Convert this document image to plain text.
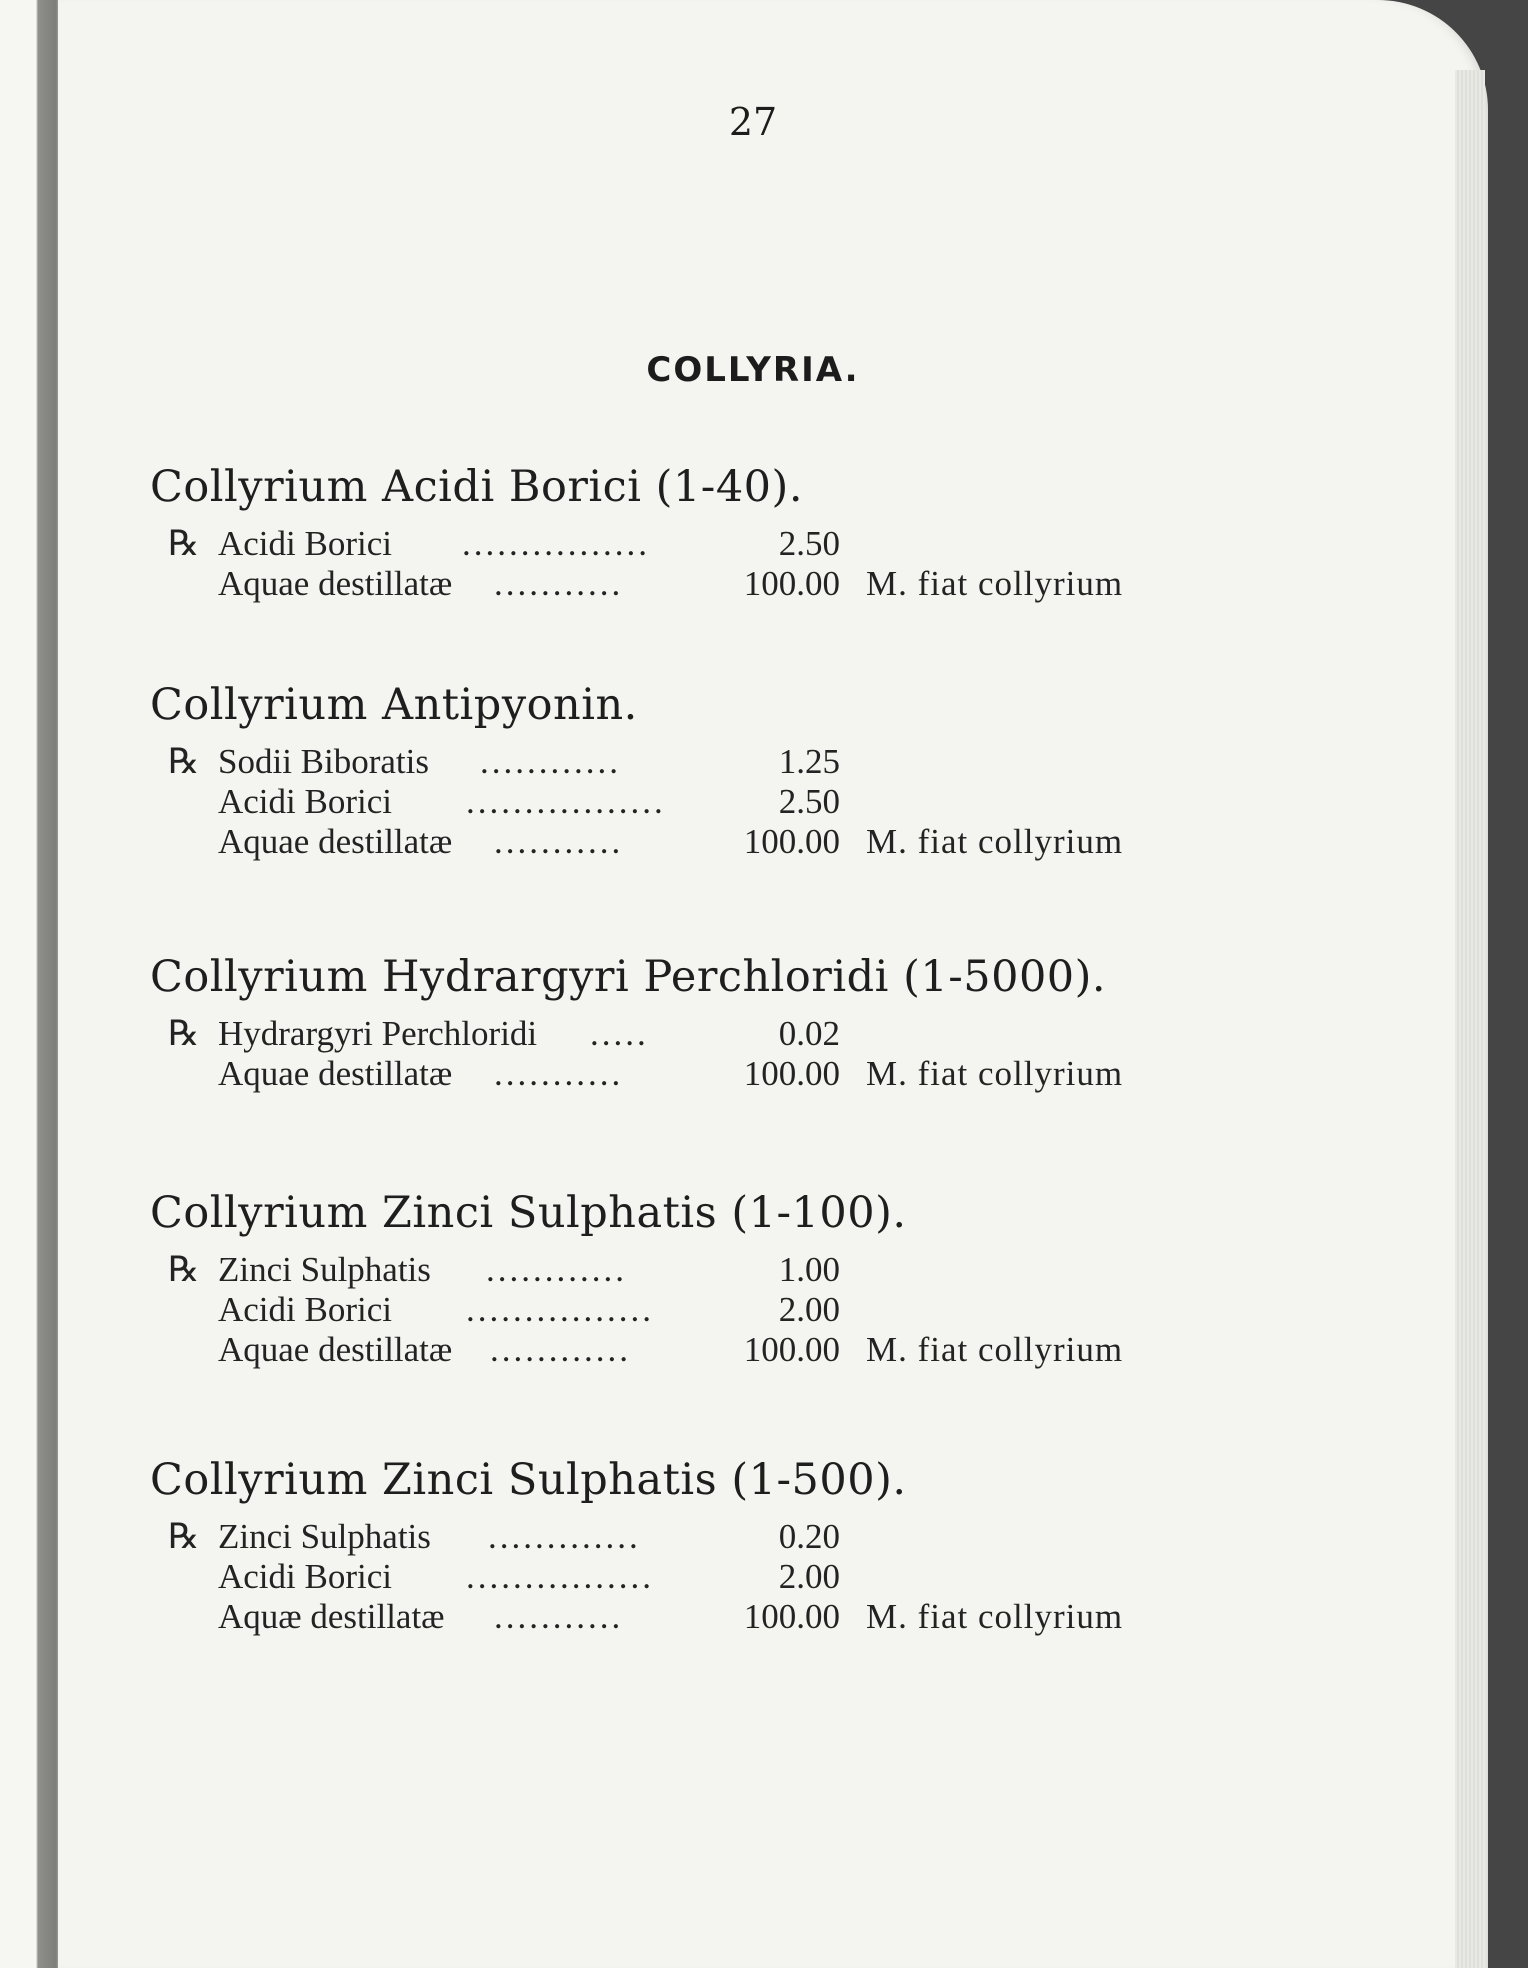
27
COLLYRIA.
Collyrium Acidi Borici (1-40).
℞ Acidi Borici ................	2.50
Aquae destillatæ ...........	100.00 M. fiat collyrium
Collyrium Antipyonin.
℞ Sodii Biboratis ............	1.25
Acidi Borici .................	2.50
Aquae destillatæ ...........	100.00 M. fiat collyrium
Collyrium Hydrargyri Perchloridi (1-5000).
℞ Hydrargyri Perchloridi .....	0.02
Aquae destillatæ ...........	100.00 M. fiat collyrium
Collyrium Zinci Sulphatis (1-100).
℞ Zinci Sulphatis ............	1.00
Acidi Borici ................	2.00
Aquae destillatæ ............	100.00 M. fiat collyrium
Collyrium Zinci Sulphatis (1-500).
℞ Zinci Sulphatis .............	0.20
Acidi Borici ................	2.00
Aquæ destillatæ ...........	100.00 M. fiat collyrium
